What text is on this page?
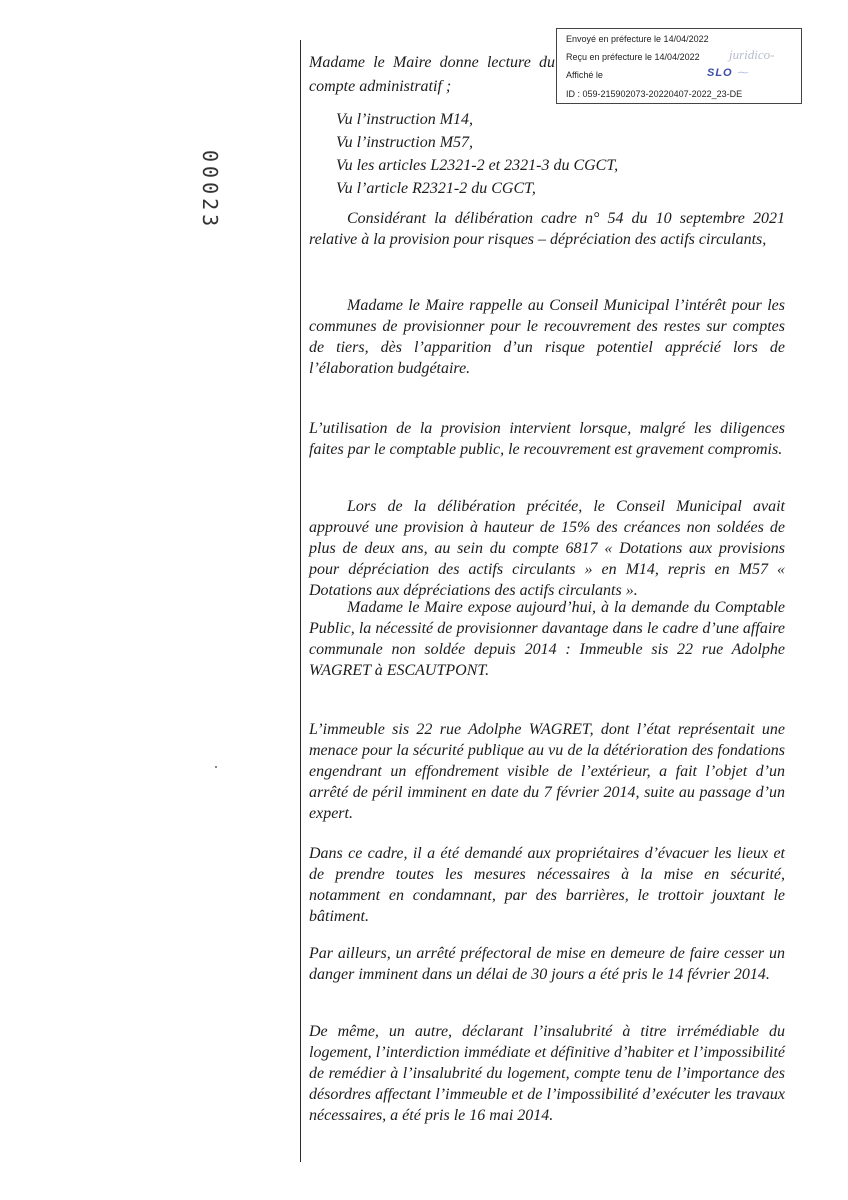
00023
Envoyé en préfecture le 14/04/2022
Reçu en préfecture le 14/04/2022
Affiché le
ID : 059-215902073-20220407-2022_23-DE
juridico-
SLO ⁓
Madame le Maire donne lecture du compte administratif ;
Vu l’instruction M14,
Vu l’instruction M57,
Vu les articles L2321-2 et 2321-3 du CGCT,
Vu l’article R2321-2 du CGCT,
Considérant la délibération cadre n° 54 du 10 septembre 2021 relative à la provision pour risques – dépréciation des actifs circulants,
Madame le Maire rappelle au Conseil Municipal l’intérêt pour les communes de provisionner pour le recouvrement des restes sur comptes de tiers, dès l’apparition d’un risque potentiel apprécié lors de l’élaboration budgétaire.
L’utilisation de la provision intervient lorsque, malgré les diligences faites par le comptable public, le recouvrement est gravement compromis.
Lors de la délibération précitée, le Conseil Municipal avait approuvé une provision à hauteur de 15% des créances non soldées de plus de deux ans, au sein du compte 6817 « Dotations aux provisions pour dépréciation des actifs circulants » en M14, repris en M57 « Dotations aux dépréciations des actifs circulants ».
Madame le Maire expose aujourd’hui, à la demande du Comptable Public, la nécessité de provisionner davantage dans le cadre d’une affaire communale non soldée depuis 2014 : Immeuble sis 22 rue Adolphe WAGRET à ESCAUTPONT.
L’immeuble sis 22 rue Adolphe WAGRET, dont l’état représentait une menace pour la sécurité publique au vu de la détérioration des fondations engendrant un effondrement visible de l’extérieur, a fait l’objet d’un arrêté de péril imminent en date du 7 février 2014, suite au passage d’un expert.
Dans ce cadre, il a été demandé aux propriétaires d’évacuer les lieux et de prendre toutes les mesures nécessaires à la mise en sécurité, notamment en condamnant, par des barrières, le trottoir jouxtant le bâtiment.
Par ailleurs, un arrêté préfectoral de mise en demeure de faire cesser un danger imminent dans un délai de 30 jours a été pris le 14 février 2014.
De même, un autre, déclarant l’insalubrité à titre irrémédiable du logement, l’interdiction immédiate et définitive d’habiter et l’impossibilité de remédier à l’insalubrité du logement, compte tenu de l’importance des désordres affectant l’immeuble et de l’impossibilité d’exécuter les travaux nécessaires, a été pris le 16 mai 2014.
